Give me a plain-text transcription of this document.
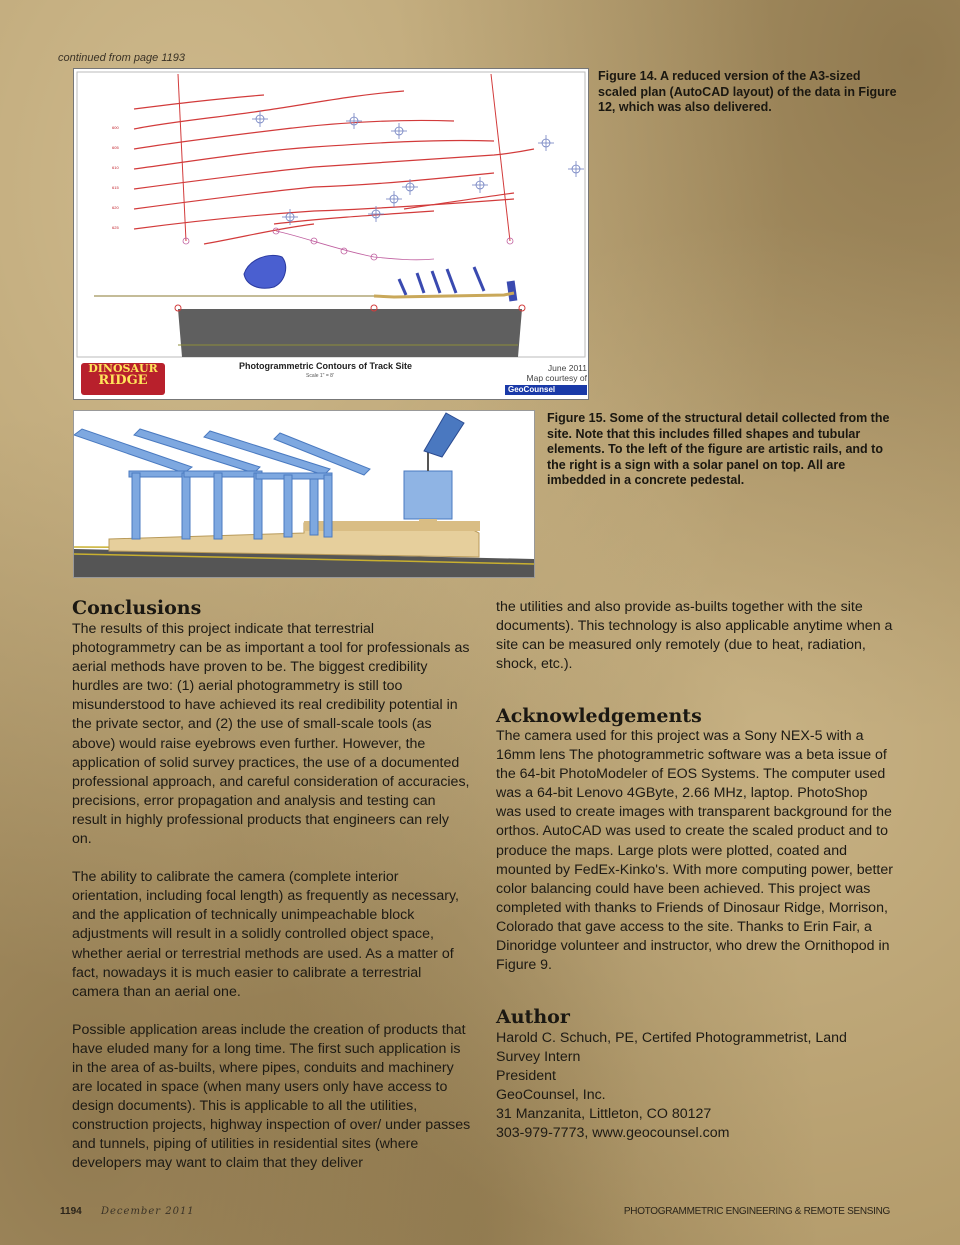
continued from page 1193
600
605
610
615
620
625
DINOSAUR
RIDGE
Photogrammetric Contours of Track Site
Scale 1" = 8'
June 2011
Map courtesy of
GeoCounsel
Figure 14. A reduced version of the A3-sized scaled plan (AutoCAD layout) of the data in Figure 12, which was also delivered.
Figure 15. Some of the structural detail collected from the site. Note that this includes filled shapes and tubular elements. To the left of the figure are artistic rails, and to the right is a sign with a solar panel on top. All are imbedded in a concrete pedestal.
Conclusions

The results of this project indicate that terrestrial photogrammetry can be as important a tool for professionals as aerial methods have proven to be. The biggest credibility hurdles are two: (1) aerial photogrammetry is still too misunderstood to have achieved its real credibility potential in the private sector, and (2) the use of small-scale tools (as above) would raise eyebrows even further. However, the application of solid survey practices, the use of a documented professional approach, and careful consideration of accuracies, precisions, error propagation and analysis and testing can result in highly professional products that engineers can rely on.

The ability to calibrate the camera (complete interior orientation, including focal length) as frequently as necessary, and the application of technically unimpeachable block adjustments will result in a solidly controlled object space, whether aerial or terrestrial methods are used. As a matter of fact, nowadays it is much easier to calibrate a terrestrial camera than an aerial one.

Possible application areas include the creation of products that have eluded many for a long time. The first such application is in the area of as-builts, where pipes, conduits and machinery are located in space (when many users only have access to design documents). This is applicable to all the utilities, construction projects, highway inspection of over/ under passes and tunnels, piping of utilities in residential sites (where developers may want to claim that they deliver

the utilities and also provide as-builts together with the site documents). This technology is also applicable anytime when a site can be measured only remotely (due to heat, radiation, shock, etc.).

Acknowledgements

The camera used for this project was a Sony NEX-5 with a 16mm lens The photogrammetric software was a beta issue of the 64-bit PhotoModeler of EOS Systems. The computer used was a 64-bit Lenovo 4GByte, 2.66 MHz, laptop. PhotoShop was used to create images with transparent background for the orthos. AutoCAD was used to create the scaled product and to produce the maps. Large plots were plotted, coated and mounted by FedEx-Kinko's. With more computing power, better color balancing could have been achieved. This project was completed with thanks to Friends of Dinosaur Ridge, Morrison, Colorado that gave access to the site. Thanks to Erin Fair, a Dinoridge volunteer and instructor, who drew the Ornithopod in Figure 9.

Author
Harold C. Schuch, PE, Certifed Photogrammetrist, Land Survey Intern
President
GeoCounsel, Inc.
31 Manzanita, Littleton, CO 80127
303-979-7773, www.geocounsel.com
1194 December 2011	PHOTOGRAMMETRIC ENGINEERING & REMOTE SENSING
